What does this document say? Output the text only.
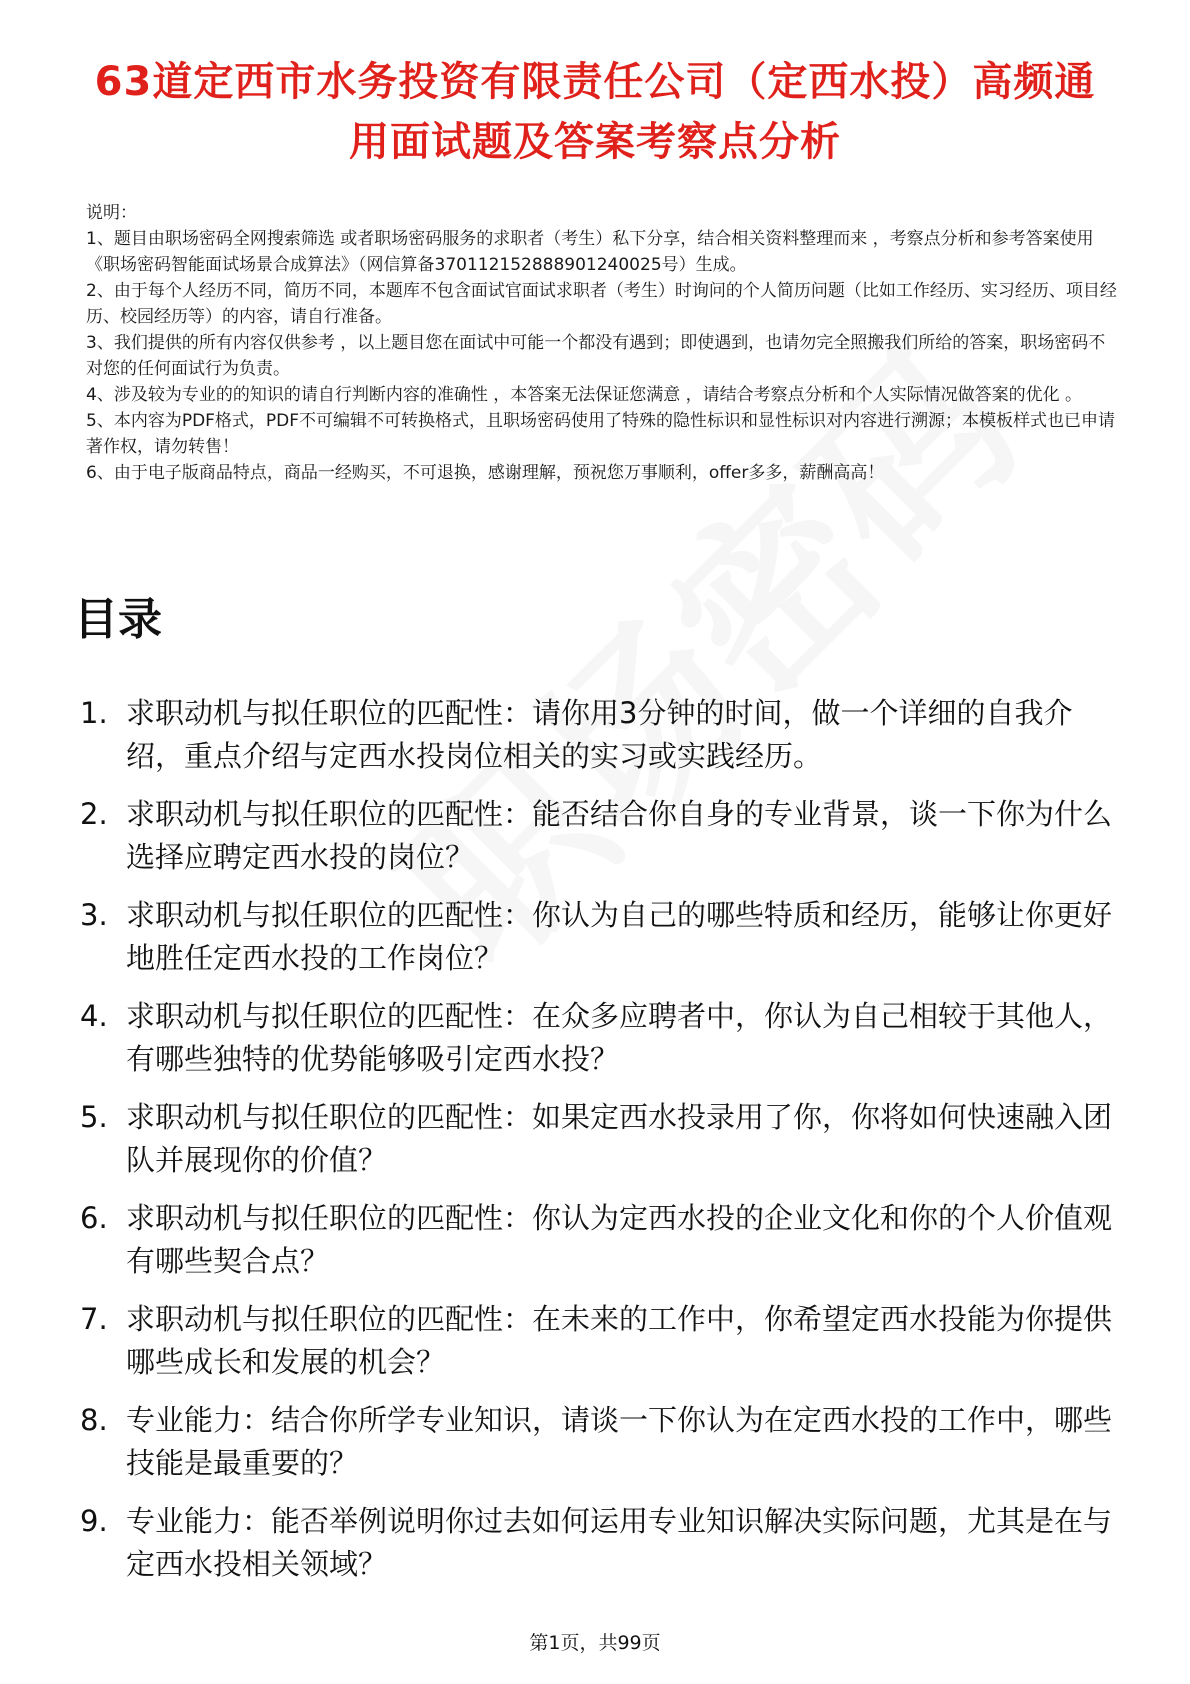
63道定西市水务投资有限责任公司（定西水投）高频通用面试题及答案考察点分析

说明：

1、题目由职场密码全网搜索筛选 或者职场密码服务的求职者（考生）私下分享，结合相关资料整理而来 ，考察点分析和参考答案使用《职场密码智能面试场景合成算法》（网信算备370112152888901240025号）生成。

2、由于每个人经历不同，简历不同，本题库不包含面试官面试求职者（考生）时询问的个人简历问题（比如工作经历、实习经历、项目经历、校园经历等）的内容，请自行准备。

3、我们提供的所有内容仅供参考 ，以上题目您在面试中可能一个都没有遇到；即使遇到，也请勿完全照搬我们所给的答案，职场密码不对您的任何面试行为负责。

4、涉及较为专业的的知识的请自行判断内容的准确性 ，本答案无法保证您满意 ，请结合考察点分析和个人实际情况做答案的优化 。

5、本内容为PDF格式，PDF不可编辑不可转换格式，且职场密码使用了特殊的隐性标识和显性标识对内容进行溯源；本模板样式也已申请著作权，请勿转售！

6、由于电子版商品特点，商品一经购买，不可退换，感谢理解，预祝您万事顺利，offer多多，薪酬高高！

目录
1. 求职动机与拟任职位的匹配性：请你用3分钟的时间，做一个详细的自我介绍，重点介绍与定西水投岗位相关的实习或实践经历。
2. 求职动机与拟任职位的匹配性：能否结合你自身的专业背景，谈一下你为什么选择应聘定西水投的岗位？
3. 求职动机与拟任职位的匹配性：你认为自己的哪些特质和经历，能够让你更好地胜任定西水投的工作岗位？
4. 求职动机与拟任职位的匹配性：在众多应聘者中，你认为自己相较于其他人，有哪些独特的优势能够吸引定西水投？
5. 求职动机与拟任职位的匹配性：如果定西水投录用了你，你将如何快速融入团队并展现你的价值？
6. 求职动机与拟任职位的匹配性：你认为定西水投的企业文化和你的个人价值观有哪些契合点？
7. 求职动机与拟任职位的匹配性：在未来的工作中，你希望定西水投能为你提供哪些成长和发展的机会？
8. 专业能力：结合你所学专业知识，请谈一下你认为在定西水投的工作中，哪些技能是最重要的？
9. 专业能力：能否举例说明你过去如何运用专业知识解决实际问题，尤其是在与定西水投相关领域？
第1页，共99页
